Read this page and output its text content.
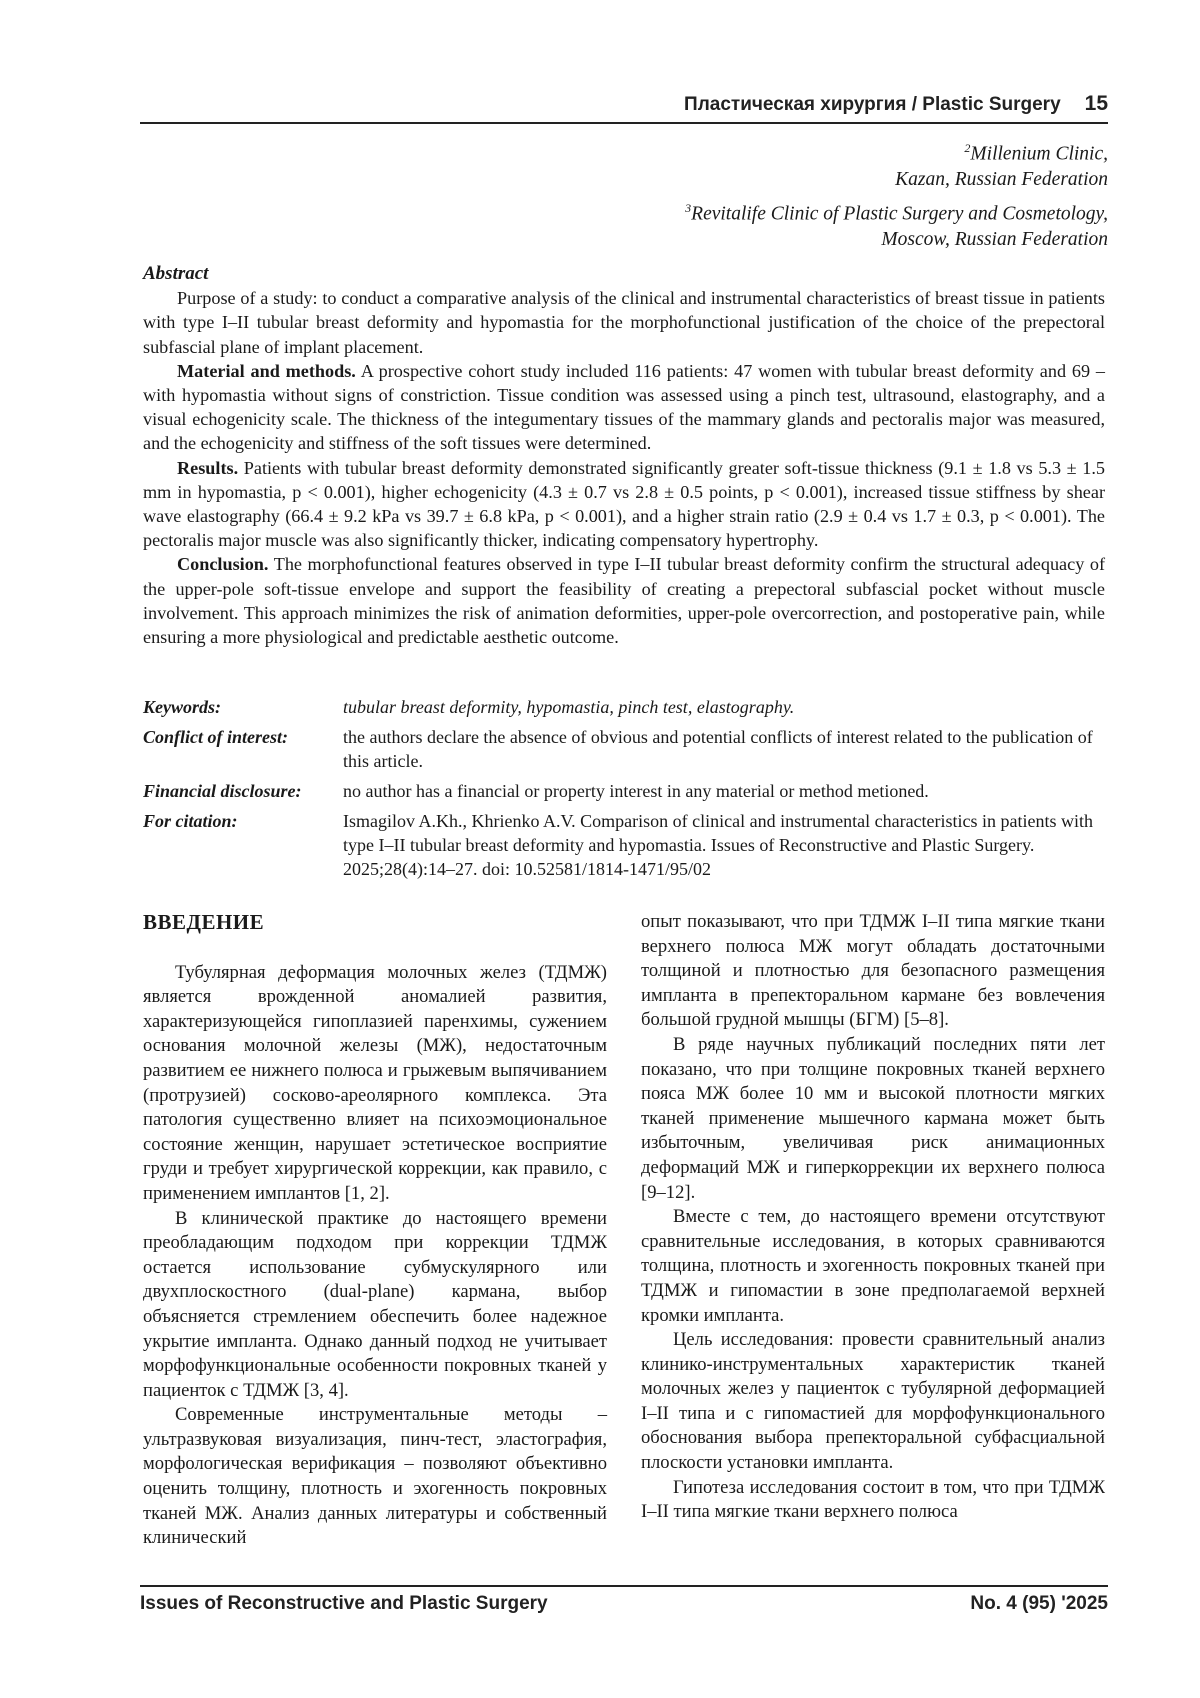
Пластическая хирургия / Plastic Surgery 15
$^2$Millenium Clinic,
Kazan, Russian Federation
$^3$Revitalife Clinic of Plastic Surgery and Cosmetology,
Moscow, Russian Federation
Abstract

Purpose of a study: to conduct a comparative analysis of the clinical and instrumental characteristics of breast tissue in patients with type I–II tubular breast deformity and hypomastia for the morphofunctional justification of the choice of the prepectoral subfascial plane of implant placement.

Material and methods. A prospective cohort study included 116 patients: 47 women with tubular breast deformity and 69 – with hypomastia without signs of constriction. Tissue condition was assessed using a pinch test, ultrasound, elastography, and a visual echogenicity scale. The thickness of the integumentary tissues of the mammary glands and pectoralis major was measured, and the echogenicity and stiffness of the soft tissues were determined.

Results. Patients with tubular breast deformity demonstrated significantly greater soft-tissue thickness (9.1 ± 1.8 vs 5.3 ± 1.5 mm in hypomastia, p < 0.001), higher echogenicity (4.3 ± 0.7 vs 2.8 ± 0.5 points, p < 0.001), increased tissue stiffness by shear wave elastography (66.4 ± 9.2 kPa vs 39.7 ± 6.8 kPa, p < 0.001), and a higher strain ratio (2.9 ± 0.4 vs 1.7 ± 0.3, p < 0.001). The pectoralis major muscle was also significantly thicker, indicating compensatory hypertrophy.

Conclusion. The morphofunctional features observed in type I–II tubular breast deformity confirm the structural adequacy of the upper-pole soft-tissue envelope and support the feasibility of creating a prepectoral subfascial pocket without muscle involvement. This approach minimizes the risk of animation deformities, upper-pole overcorrection, and postoperative pain, while ensuring a more physiological and predictable aesthetic outcome.

Keywords:	tubular breast deformity, hypomastia, pinch test, elastography.
Conflict of interest:	the authors declare the absence of obvious and potential conflicts of interest related to the publication of this article.
Financial disclosure:	no author has a financial or property interest in any material or method metioned.
For citation:	Ismagilov A.Kh., Khrienko A.V. Comparison of clinical and instrumental characteristics in patients with type I–II tubular breast deformity and hypomastia. Issues of Reconstructive and Plastic Surgery. 2025;28(4):14–27. doi: 10.52581/1814-1471/95/02
ВВЕДЕНИЕ

Тубулярная деформация молочных желез (ТДМЖ) является врожденной аномалией развития, характеризующейся гипоплазией паренхимы, сужением основания молочной железы (МЖ), недостаточным развитием ее нижнего полюса и грыжевым выпячиванием (протрузией) сосково-ареолярного комплекса. Эта патология существенно влияет на психоэмоциональное состояние женщин, нарушает эстетическое восприятие груди и требует хирургической коррекции, как правило, с применением имплантов [1, 2].

В клинической практике до настоящего времени преобладающим подходом при коррекции ТДМЖ остается использование субмускулярного или двухплоскостного (dual-plane) кармана, выбор объясняется стремлением обеспечить более надежное укрытие импланта. Однако данный подход не учитывает морфофункциональные особенности покровных тканей у пациенток с ТДМЖ [3, 4].

Современные инструментальные методы – ультразвуковая визуализация, пинч-тест, эластография, морфологическая верификация – позволяют объективно оценить толщину, плотность и эхогенность покровных тканей МЖ. Анализ данных литературы и собственный клинический

опыт показывают, что при ТДМЖ I–II типа мягкие ткани верхнего полюса МЖ могут обладать достаточными толщиной и плотностью для безопасного размещения импланта в препекторальном кармане без вовлечения большой грудной мышцы (БГМ) [5–8].

В ряде научных публикаций последних пяти лет показано, что при толщине покровных тканей верхнего пояса МЖ более 10 мм и высокой плотности мягких тканей применение мышечного кармана может быть избыточным, увеличивая риск анимационных деформаций МЖ и гиперкоррекции их верхнего полюса [9–12].

Вместе с тем, до настоящего времени отсутствуют сравнительные исследования, в которых сравниваются толщина, плотность и эхогенность покровных тканей при ТДМЖ и гипомастии в зоне предполагаемой верхней кромки импланта.

Цель исследования: провести сравнительный анализ клинико-инструментальных характеристик тканей молочных желез у пациенток с тубулярной деформацией I–II типа и с гипомастией для морфофункционального обоснования выбора препекторальной субфасциальной плоскости установки импланта.

Гипотеза исследования состоит в том, что при ТДМЖ I–II типа мягкие ткани верхнего полюса

Issues of Reconstructive and Plastic Surgery	No. 4 (95) '2025
